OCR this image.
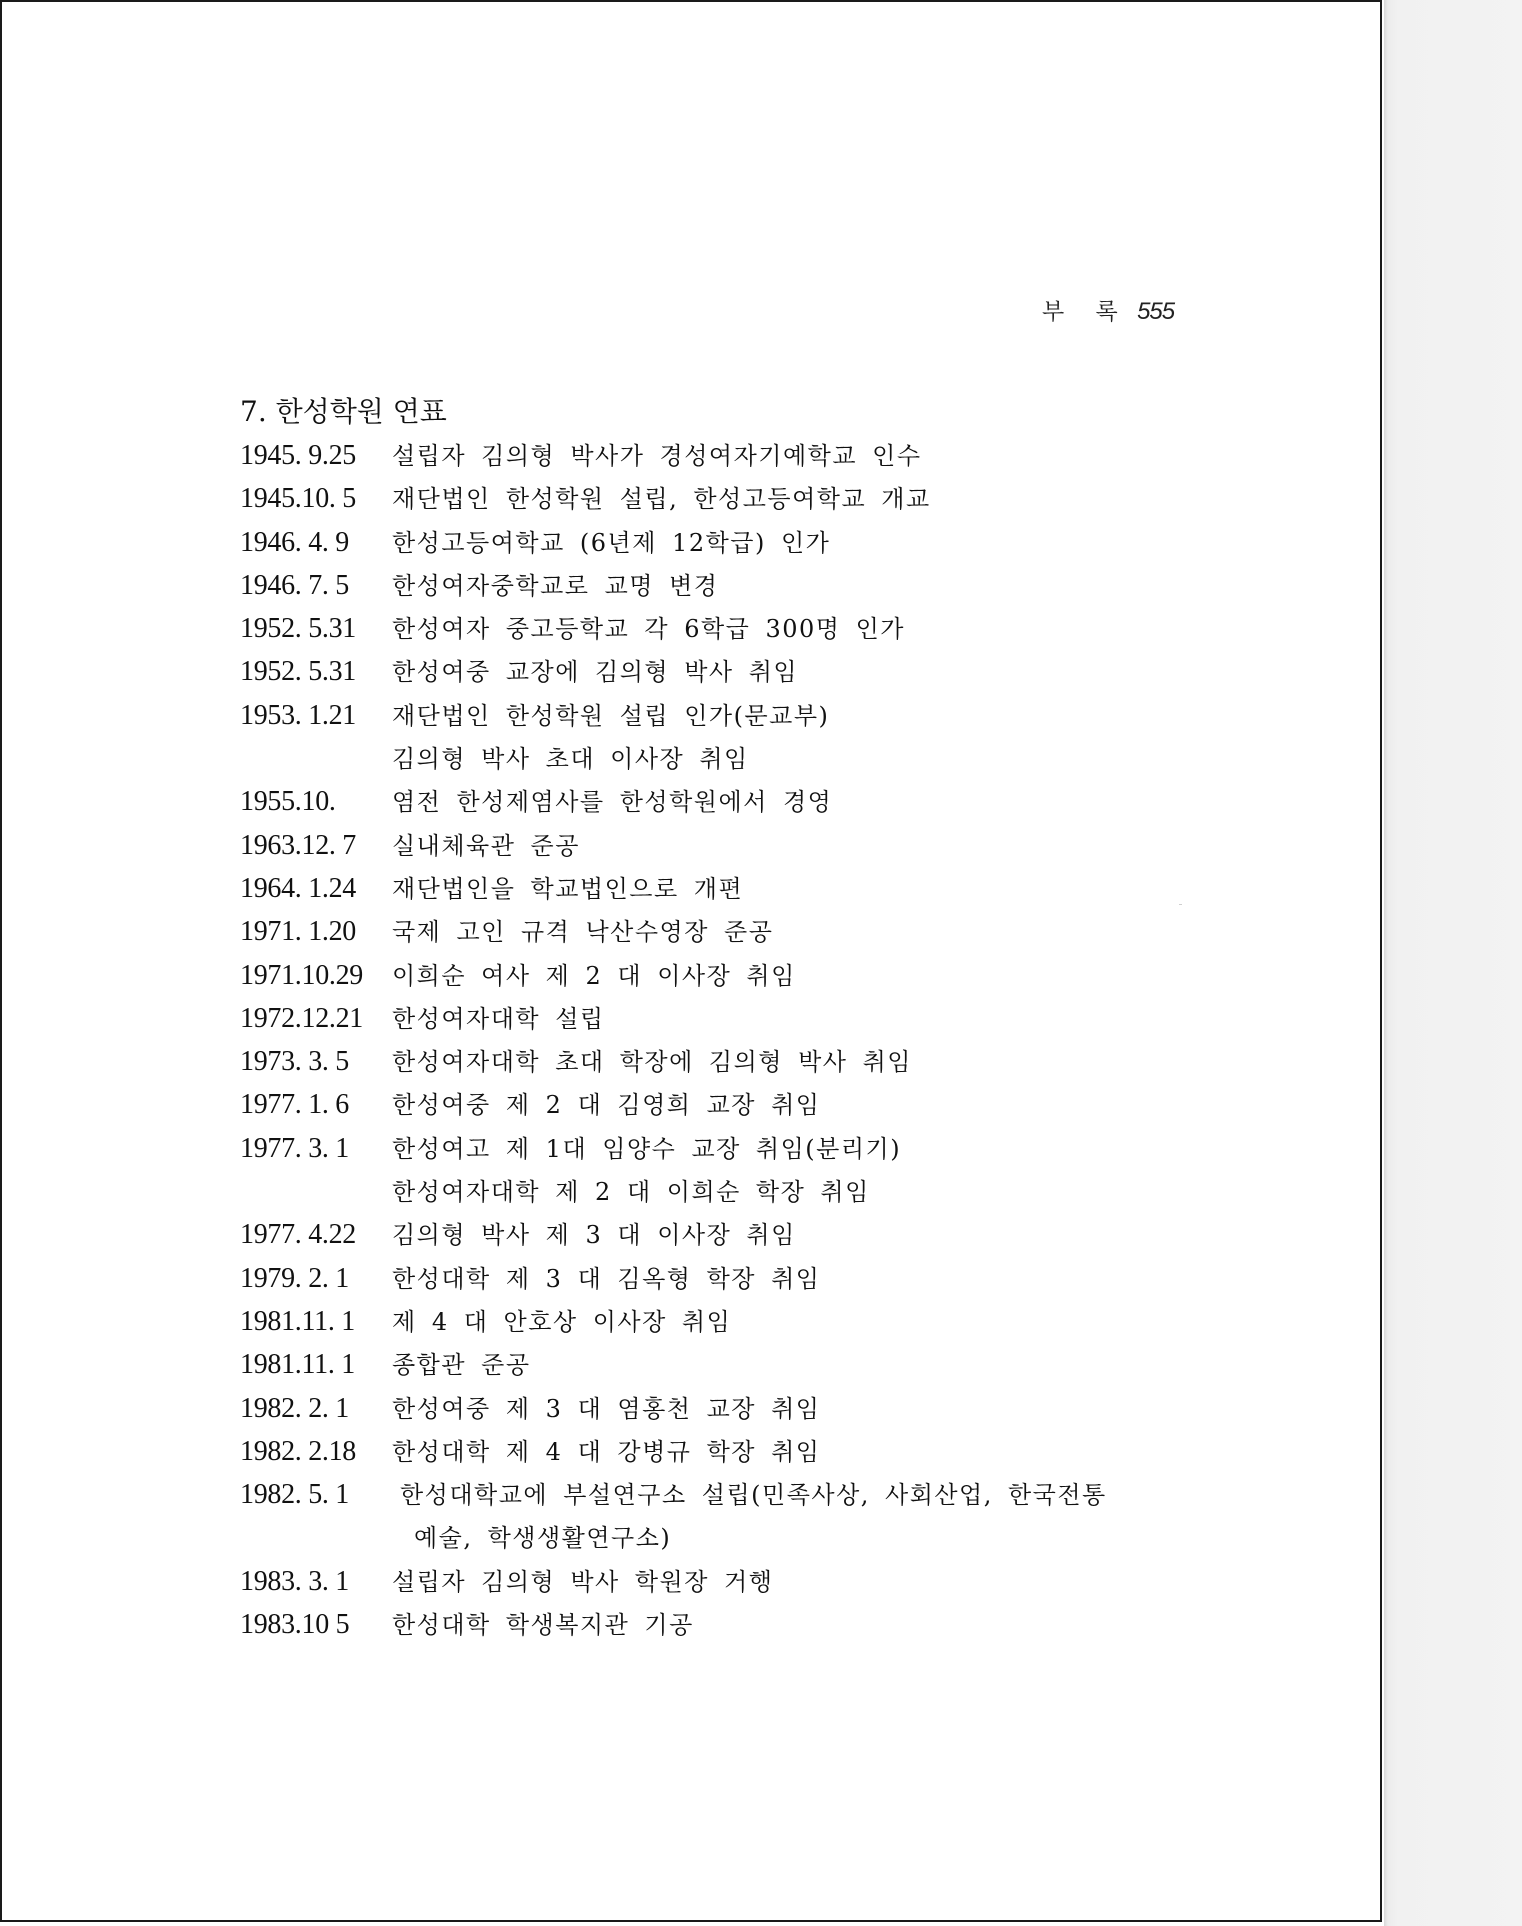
부 록 555
7. 한성학원 연표
1945. 9.25 설립자 김의형 박사가 경성여자기예학교 인수
1945.10. 5 재단법인 한성학원 설립, 한성고등여학교 개교
1946. 4. 9 한성고등여학교 (6년제 12학급) 인가
1946. 7. 5 한성여자중학교로 교명 변경
1952. 5.31 한성여자 중고등학교 각 6학급 300명 인가
1952. 5.31 한성여중 교장에 김의형 박사 취임
1953. 1.21 재단법인 한성학원 설립 인가(문교부)
김의형 박사 초대 이사장 취임
1955.10. 염전 한성제염사를 한성학원에서 경영
1963.12. 7 실내체육관 준공
1964. 1.24 재단법인을 학교법인으로 개편
1971. 1.20 국제 고인 규격 낙산수영장 준공
1971.10.29 이희순 여사 제 2 대 이사장 취임
1972.12.21 한성여자대학 설립
1973. 3. 5 한성여자대학 초대 학장에 김의형 박사 취임
1977. 1. 6 한성여중 제 2 대 김영희 교장 취임
1977. 3. 1 한성여고 제 1대 임양수 교장 취임(분리기)
한성여자대학 제 2 대 이희순 학장 취임
1977. 4.22 김의형 박사 제 3 대 이사장 취임
1979. 2. 1 한성대학 제 3 대 김옥형 학장 취임
1981.11. 1 제 4 대 안호상 이사장 취임
1981.11. 1 종합관 준공
1982. 2. 1 한성여중 제 3 대 염홍천 교장 취임
1982. 2.18 한성대학 제 4 대 강병규 학장 취임
1982. 5. 1 한성대학교에 부설연구소 설립(민족사상, 사회산업, 한국전통
예술, 학생생활연구소)
1983. 3. 1 설립자 김의형 박사 학원장 거행
1983.10 5 한성대학 학생복지관 기공
